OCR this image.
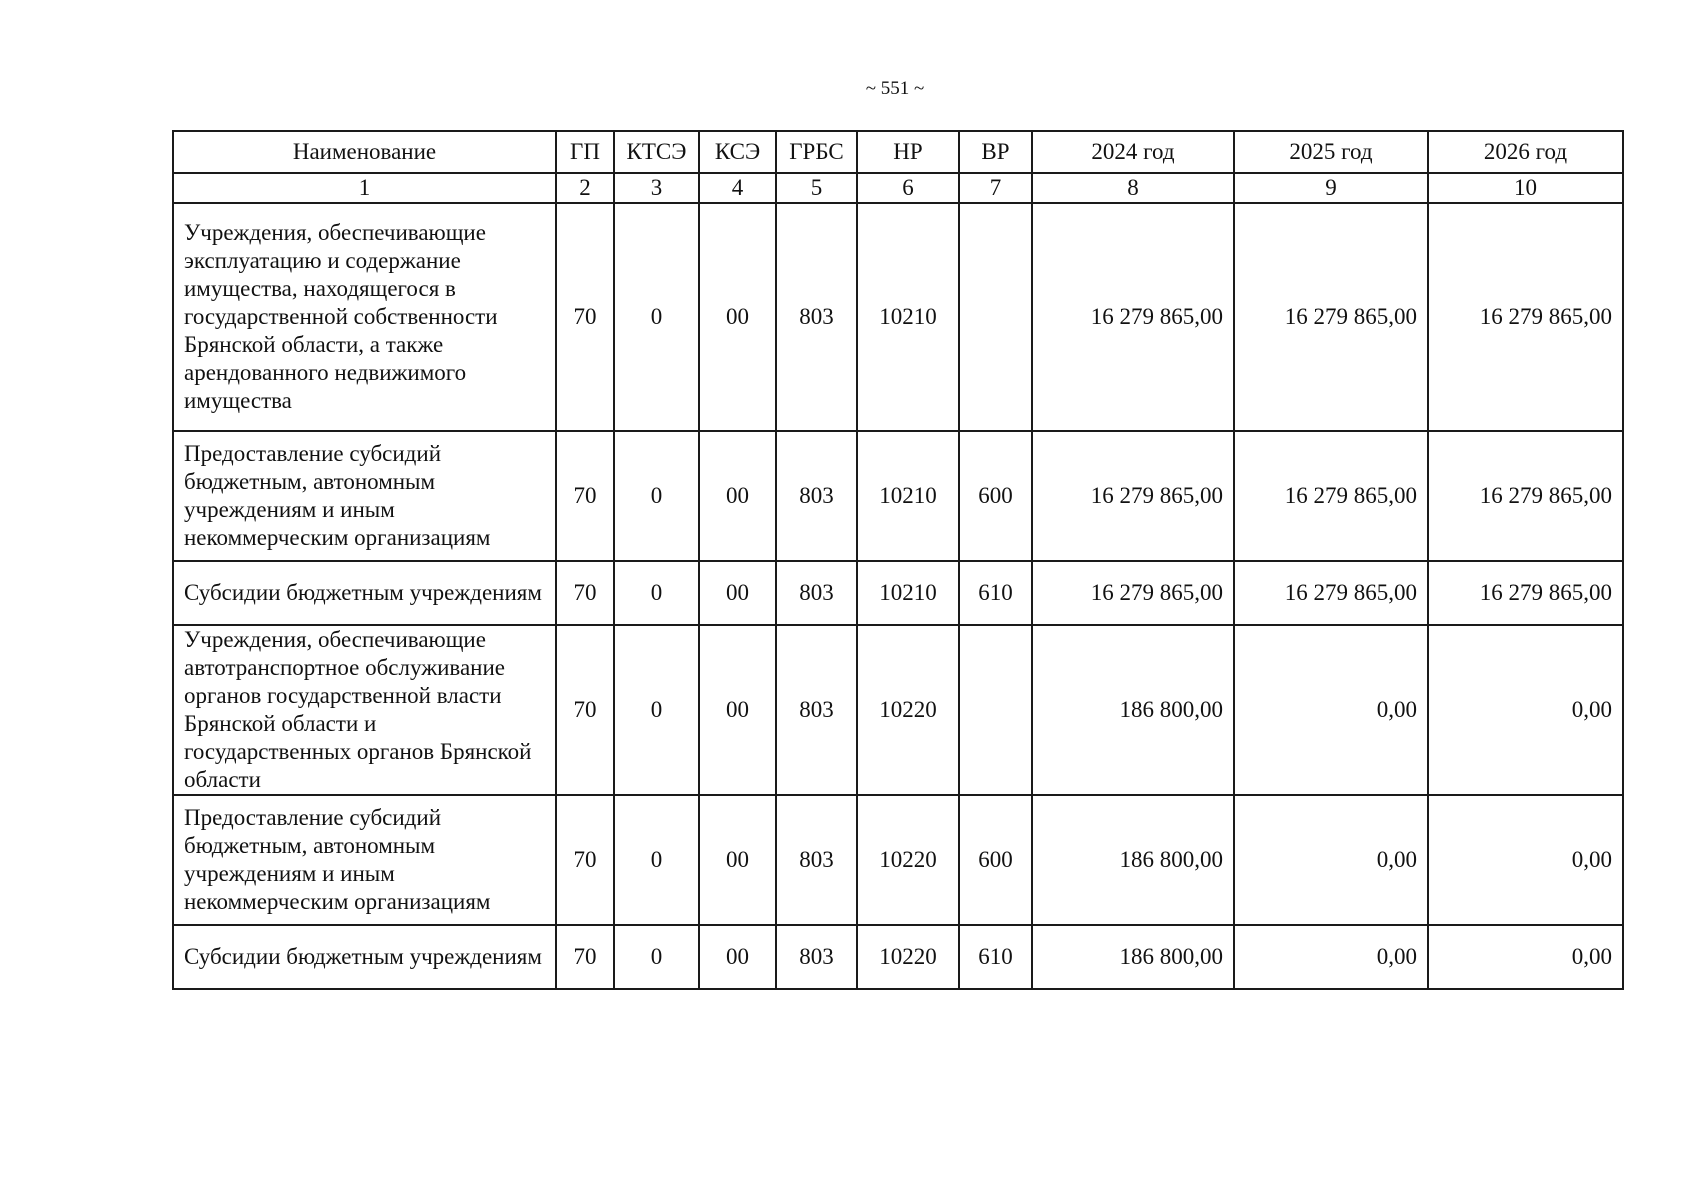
~ 551 ~
Наименование	ГП	КТСЭ	КСЭ	ГРБС	НР	ВР	2024 год	2025 год	2026 год
1	2	3	4	5	6	7	8	9	10
Учреждения, обеспечивающие эксплуатацию и содержание имущества, находящегося в государственной собственности Брянской области, а также арендованного недвижимого имущества	70	0	00	803	10210		16 279 865,00	16 279 865,00	16 279 865,00
Предоставление субсидий бюджетным, автономным учреждениям и иным некоммерческим организациям	70	0	00	803	10210	600	16 279 865,00	16 279 865,00	16 279 865,00
Субсидии бюджетным учреждениям	70	0	00	803	10210	610	16 279 865,00	16 279 865,00	16 279 865,00
Учреждения, обеспечивающие автотранспортное обслуживание органов государственной власти Брянской области и государственных органов Брянской области	70	0	00	803	10220		186 800,00	0,00	0,00
Предоставление субсидий бюджетным, автономным учреждениям и иным некоммерческим организациям	70	0	00	803	10220	600	186 800,00	0,00	0,00
Субсидии бюджетным учреждениям	70	0	00	803	10220	610	186 800,00	0,00	0,00
